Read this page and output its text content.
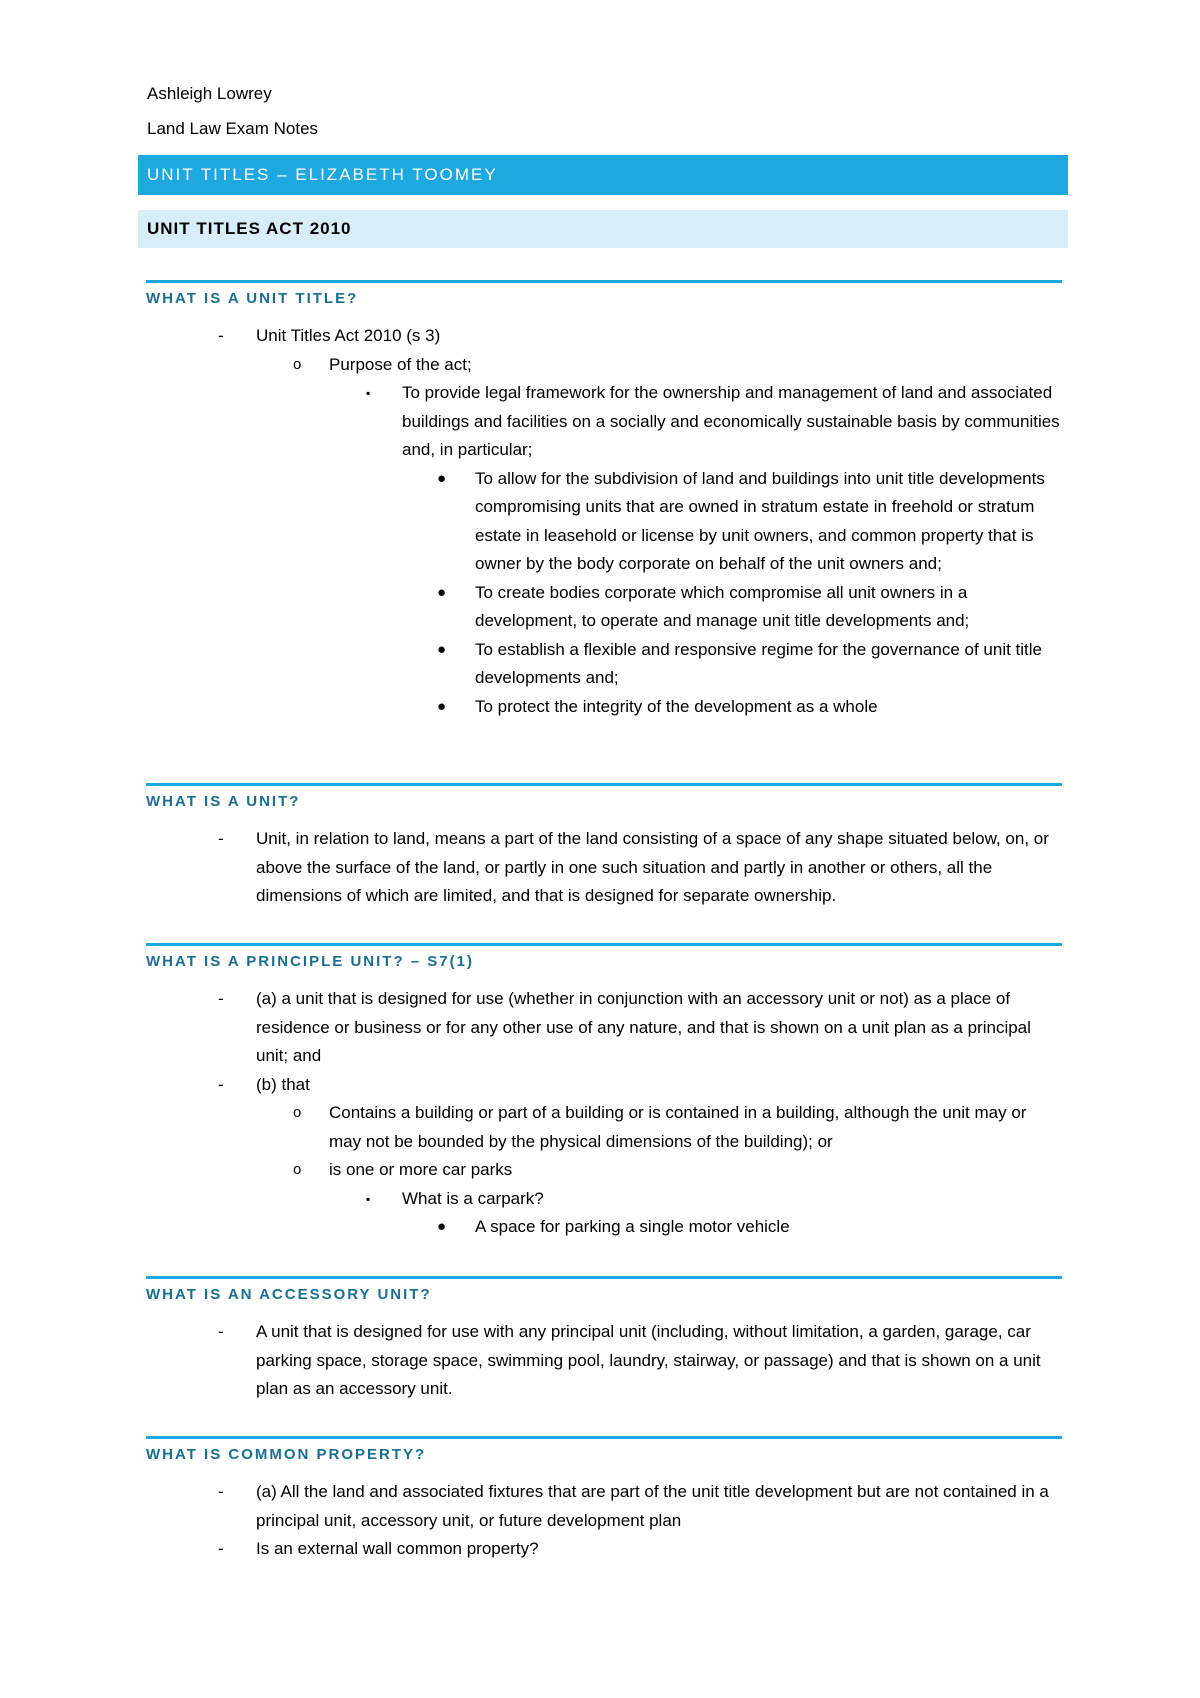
Ashleigh Lowrey
Land Law Exam Notes
UNIT TITLES – ELIZABETH TOOMEY
UNIT TITLES ACT 2010
WHAT IS A UNIT TITLE?
-	Unit Titles Act 2010 (s 3)
o	Purpose of the act;
▪	To provide legal framework for the ownership and management of land and associated buildings and facilities on a socially and economically sustainable basis by communities and, in particular;
●	To allow for the subdivision of land and buildings into unit title developments compromising units that are owned in stratum estate in freehold or stratum estate in leasehold or license by unit owners, and common property that is owner by the body corporate on behalf of the unit owners and;
●	To create bodies corporate which compromise all unit owners in a development, to operate and manage unit title developments and;
●	To establish a flexible and responsive regime for the governance of unit title developments and;
●	To protect the integrity of the development as a whole
WHAT IS A UNIT?
-	Unit, in relation to land, means a part of the land consisting of a space of any shape situated below, on, or above the surface of the land, or partly in one such situation and partly in another or others, all the dimensions of which are limited, and that is designed for separate ownership.
WHAT IS A PRINCIPLE UNIT? – S7(1)
-	(a) a unit that is designed for use (whether in conjunction with an accessory unit or not) as a place of residence or business or for any other use of any nature, and that is shown on a unit plan as a principal unit; and
-	(b) that
o	Contains a building or part of a building or is contained in a building, although the unit may or may not be bounded by the physical dimensions of the building); or
o	is one or more car parks
▪	What is a carpark?
●	A space for parking a single motor vehicle
WHAT IS AN ACCESSORY UNIT?
-	A unit that is designed for use with any principal unit (including, without limitation, a garden, garage, car parking space, storage space, swimming pool, laundry, stairway, or passage) and that is shown on a unit plan as an accessory unit.
WHAT IS COMMON PROPERTY?
-	(a) All the land and associated fixtures that are part of the unit title development but are not contained in a principal unit, accessory unit, or future development plan
-	Is an external wall common property?
